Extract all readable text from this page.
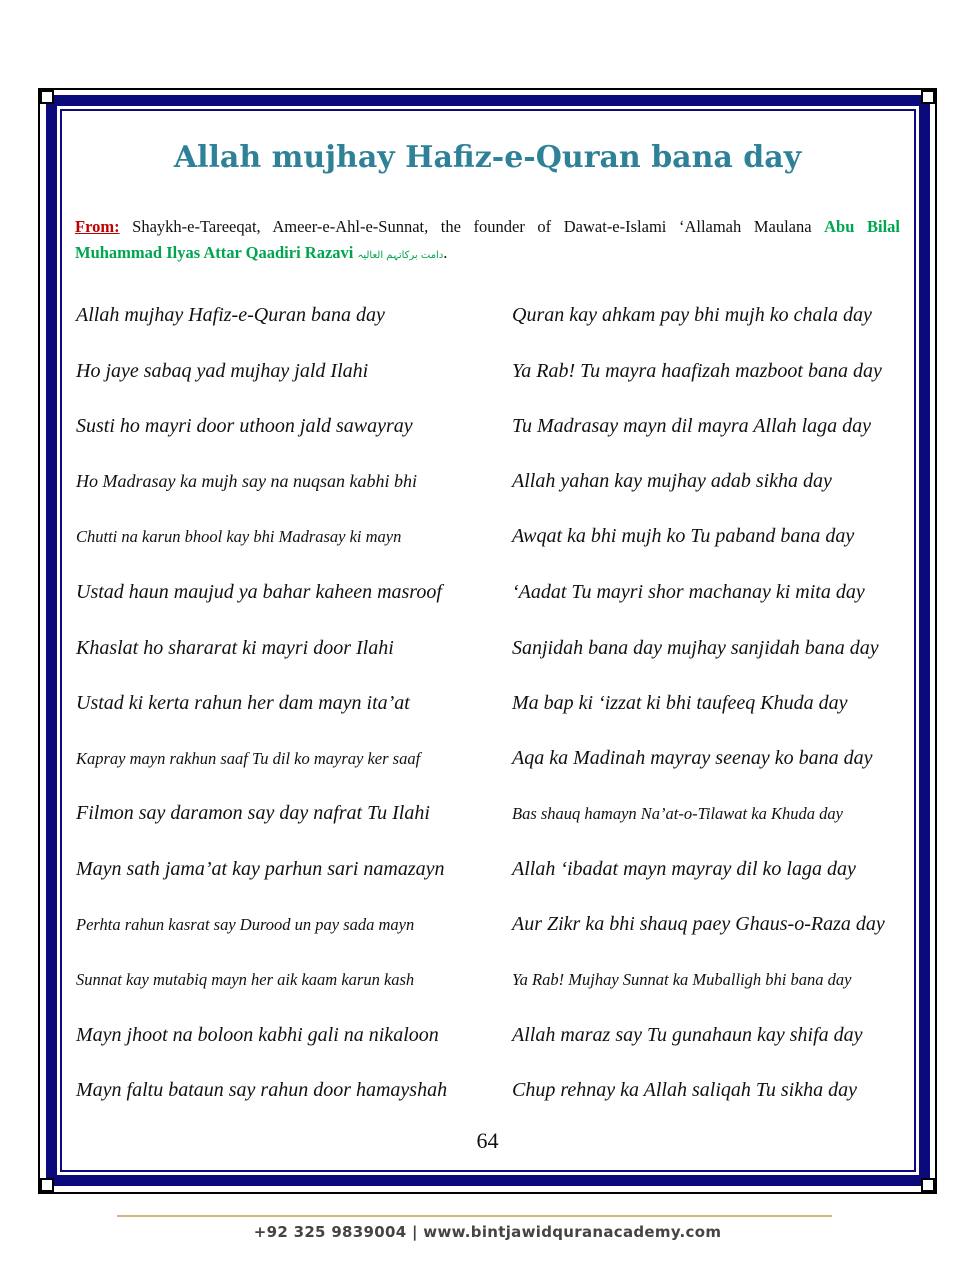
Allah mujhay Hafiz-e-Quran bana day
From: Shaykh-e-Tareeqat, Ameer-e-Ahl-e-Sunnat, the founder of Dawat-e-Islami ‘Allamah Maulana Abu Bilal Muhammad Ilyas Attar Qaadiri Razavi دامت برکاتہم العالیہ.
Allah mujhay Hafiz-e-Quran bana day	Quran kay ahkam pay bhi mujh ko chala day
Ho jaye sabaq yad mujhay jald Ilahi	Ya Rab! Tu mayra haafizah mazboot bana day
Susti ho mayri door uthoon jald sawayray	Tu Madrasay mayn dil mayra Allah laga day
Ho Madrasay ka mujh say na nuqsan kabhi bhi	Allah yahan kay mujhay adab sikha day
Chutti na karun bhool kay bhi Madrasay ki mayn	Awqat ka bhi mujh ko Tu paband bana day
Ustad haun maujud ya bahar kaheen masroof	‘Aadat Tu mayri shor machanay ki mita day
Khaslat ho shararat ki mayri door Ilahi	Sanjidah bana day mujhay sanjidah bana day
Ustad ki kerta rahun her dam mayn ita’at	Ma bap ki ‘izzat ki bhi taufeeq Khuda day
Kapray mayn rakhun saaf Tu dil ko mayray ker saaf	Aqa ka Madinah mayray seenay ko bana day
Filmon say daramon say day nafrat Tu Ilahi	Bas shauq hamayn Na’at-o-Tilawat ka Khuda day
Mayn sath jama’at kay parhun sari namazayn	Allah ‘ibadat mayn mayray dil ko laga day
Perhta rahun kasrat say Durood un pay sada mayn	Aur Zikr ka bhi shauq paey Ghaus-o-Raza day
Sunnat kay mutabiq mayn her aik kaam karun kash	Ya Rab! Mujhay Sunnat ka Muballigh bhi bana day
Mayn jhoot na boloon kabhi gali na nikaloon	Allah maraz say Tu gunahaun kay shifa day
Mayn faltu bataun say rahun door hamayshah	Chup rehnay ka Allah saliqah Tu sikha day
64
+92 325 9839004 | www.bintjawidquranacademy.com
